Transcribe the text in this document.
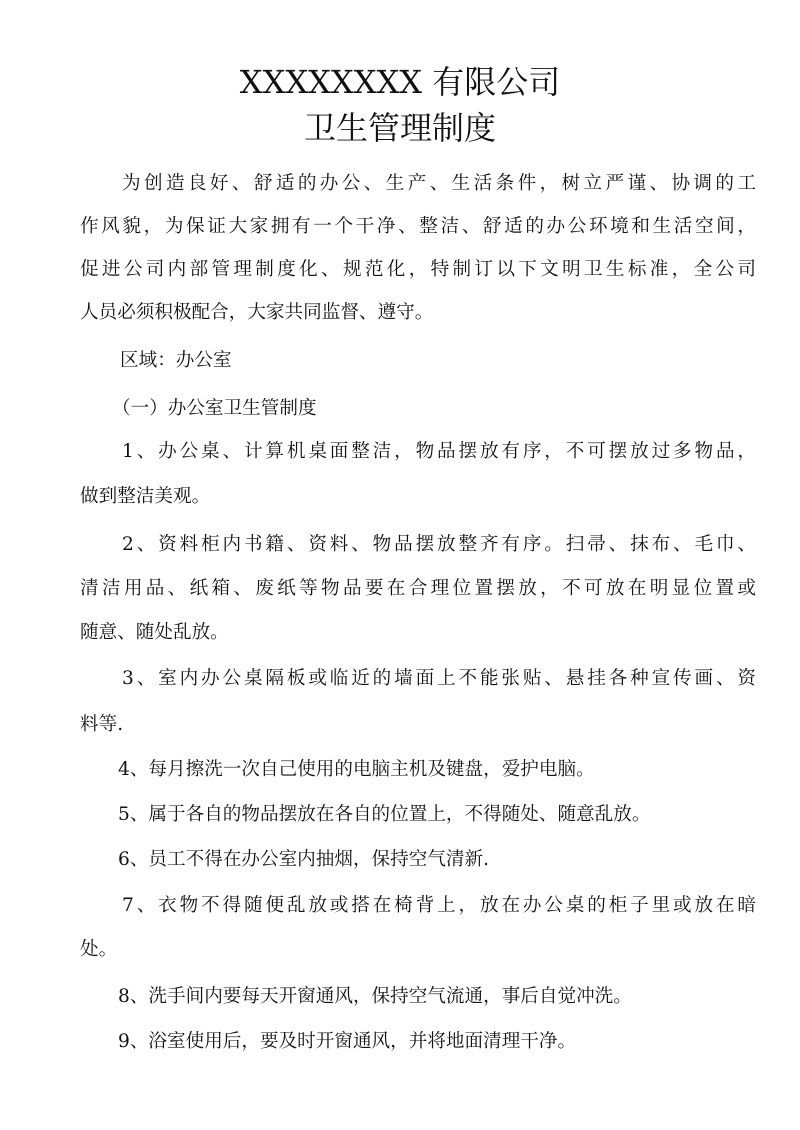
XXXXXXXX 有限公司
卫生管理制度

为创造良好、舒适的办公、生产、生活条件，树立严谨、协调的工

作风貌，为保证大家拥有一个干净、整洁、舒适的办公环境和生活空间，

促进公司内部管理制度化、规范化，特制订以下文明卫生标准，全公司

人员必须积极配合，大家共同监督、遵守。

区域：办公室

（一）办公室卫生管制度

1、办公桌、计算机桌面整洁，物品摆放有序，不可摆放过多物品，

做到整洁美观。

2、资料柜内书籍、资料、物品摆放整齐有序。扫帚、抹布、毛巾、

清洁用品、纸箱、废纸等物品要在合理位置摆放，不可放在明显位置或

随意、随处乱放。

3、室内办公桌隔板或临近的墙面上不能张贴、悬挂各种宣传画、资

料等.

4、每月擦洗一次自己使用的电脑主机及键盘，爱护电脑。

5、属于各自的物品摆放在各自的位置上，不得随处、随意乱放。

6、员工不得在办公室内抽烟，保持空气清新.

7、衣物不得随便乱放或搭在椅背上，放在办公桌的柜子里或放在暗

处。

8、洗手间内要每天开窗通风，保持空气流通，事后自觉冲洗。

9、浴室使用后，要及时开窗通风，并将地面清理干净。
